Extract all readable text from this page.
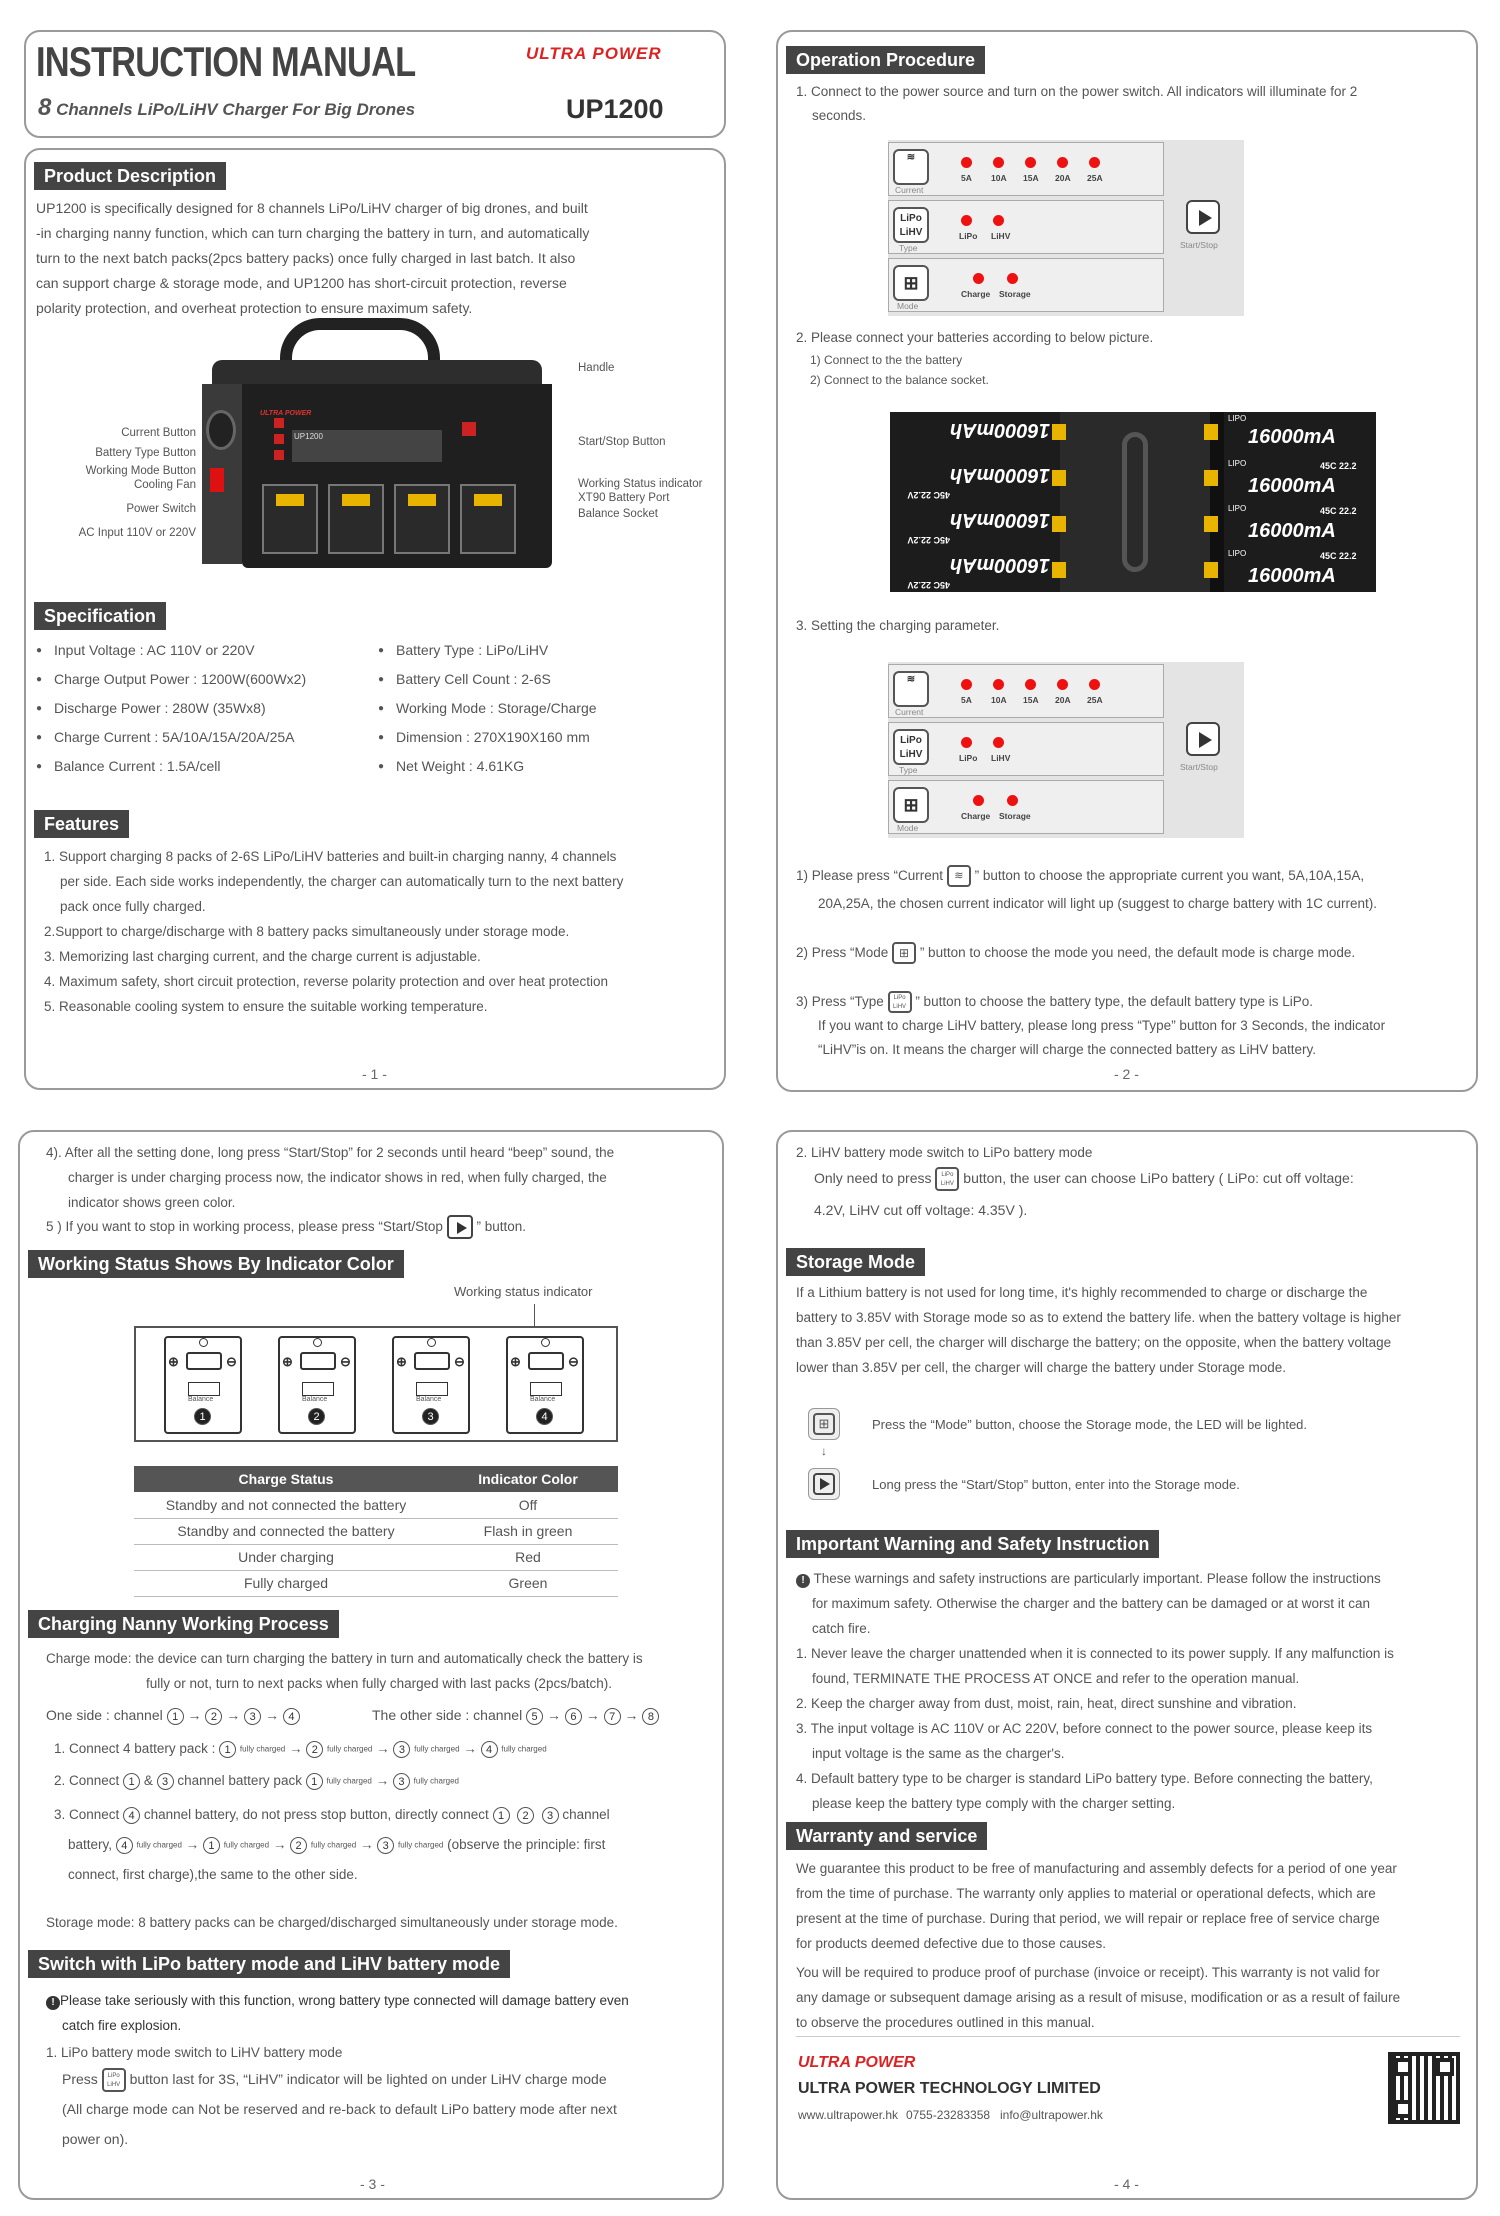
INSTRUCTION MANUAL
8 Channels LiPo/LiHV Charger For Big Drones
ULTRA POWER
UP1200
Product Description
UP1200 is specifically designed for 8 channels LiPo/LiHV charger of big drones, and built
-in charging nanny function, which can turn charging the battery in turn, and automatically
turn to the next batch packs(2pcs battery packs) once fully charged in last batch. It also
can support charge & storage mode, and UP1200 has short-circuit protection, reverse
polarity protection, and overheat protection to ensure maximum safety.
ULTRA POWER
UP1200
Current Button
Battery Type Button
Working Mode Button
Cooling Fan
Power Switch
AC Input 110V or 220V
Handle
Start/Stop Button
Working Status indicator
XT90 Battery Port
Balance Socket
Specification
● Input Voltage : AC 110V or 220V
● Charge Output Power : 1200W(600Wx2)
● Discharge Power : 280W (35Wx8)
● Charge Current : 5A/10A/15A/20A/25A
● Balance Current : 1.5A/cell
● Battery Type : LiPo/LiHV
● Battery Cell Count : 2-6S
● Working Mode : Storage/Charge
● Dimension : 270X190X160 mm
● Net Weight : 4.61KG
Features
1. Support charging 8 packs of 2-6S LiPo/LiHV batteries and built-in charging nanny, 4 channels
per side. Each side works independently, the charger can automatically turn to the next battery
pack once fully charged.
2.Support to charge/discharge with 8 battery packs simultaneously under storage mode.
3. Memorizing last charging current, and the charge current is adjustable.
4. Maximum safety, short circuit protection, reverse polarity protection and over heat protection
5. Reasonable cooling system to ensure the suitable working temperature.
- 1 -
Operation Procedure
1. Connect to the power source and turn on the power switch. All indicators will illuminate for 2
seconds.
≋
Current
5A 10A 15A 20A 25A
LiPo
LiHV
Type
LiPo LiHV
⊞
Mode
Charge Storage
Start/Stop
2. Please connect your batteries according to below picture.
1) Connect to the the battery
2) Connect to the balance socket.
16000mAh
16000mAh
45C 22.2V
16000mAh
45C 22.2V
16000mAh
45C 22.2V
LIPO
16000mA
LIPO	45C 22.2
16000mA
LIPO	45C 22.2
16000mA
LIPO	45C 22.2
16000mA
3. Setting the charging parameter.
≋
Current
5A 10A 15A 20A 25A
LiPo
LiHV
Type
LiPo LiHV
⊞
Mode
Charge Storage
Start/Stop
1) Please press “Current ≋ ” button to choose the appropriate current you want, 5A,10A,15A,
20A,25A, the chosen current indicator will light up (suggest to charge battery with 1C current).
2) Press “Mode ⊞ ” button to choose the mode you need, the default mode is charge mode.
3) Press “Type LiPo
LiHV ” button to choose the battery type, the default battery type is LiPo.
If you want to charge LiHV battery, please long press “Type” button for 3 Seconds, the indicator
“LiHV”is on. It means the charger will charge the connected battery as LiHV battery.
- 2 -
4). After all the setting done, long press “Start/Stop” for 2 seconds until heard “beep” sound, the
charger is under charging process now, the indicator shows in red, when fully charged, the
indicator shows green color.
5 ) If you want to stop in working process, please press “Start/Stop ” button.
Working Status Shows By Indicator Color
Working status indicator
⊕	⊖
Balance
1
⊕	⊖
Balance
2
⊕	⊖
Balance
3
⊕	⊖
Balance
4
Charge Status	Indicator Color
Standby and not connected the battery	Off
Standby and connected the battery	Flash in green
Under charging	Red
Fully charged	Green
Charging Nanny Working Process
Charge mode: the device can turn charging the battery in turn and automatically check the battery is
fully or not, turn to next packs when fully charged with last packs (2pcs/batch).
One side : channel 1 → 2 → 3 → 4	The other side : channel 5 → 6 → 7 → 8
1. Connect 4 battery pack : 1 fully charged → 2 fully charged → 3 fully charged → 4 fully charged
2. Connect 1 & 3 channel battery pack 1 fully charged → 3 fully charged
3. Connect 4 channel battery, do not press stop button, directly connect 1 2 3 channel
battery, 4 fully charged → 1 fully charged → 2 fully charged → 3 fully charged (observe the principle: first
connect, first charge),the same to the other side.
Storage mode: 8 battery packs can be charged/discharged simultaneously under storage mode.
Switch with LiPo battery mode and LiHV battery mode
! Please take seriously with this function, wrong battery type connected will damage battery even
catch fire explosion.
1. LiPo battery mode switch to LiHV battery mode
Press LiPo
LiHV button last for 3S, “LiHV” indicator will be lighted on under LiHV charge mode
(All charge mode can Not be reserved and re-back to default LiPo battery mode after next
power on).
- 3 -
2. LiHV battery mode switch to LiPo battery mode
Only need to press LiPo
LiHV button, the user can choose LiPo battery ( LiPo: cut off voltage:
4.2V, LiHV cut off voltage: 4.35V ).
Storage Mode
If a Lithium battery is not used for long time, it's highly recommended to charge or discharge the
battery to 3.85V with Storage mode so as to extend the battery life. when the battery voltage is higher
than 3.85V per cell, the charger will discharge the battery; on the opposite, when the battery voltage
lower than 3.85V per cell, the charger will charge the battery under Storage mode.
⊞
↓
Press the “Mode” button, choose the Storage mode, the LED will be lighted.
Long press the “Start/Stop” button, enter into the Storage mode.
Important Warning and Safety Instruction
! These warnings and safety instructions are particularly important. Please follow the instructions
for maximum safety. Otherwise the charger and the battery can be damaged or at worst it can
catch fire.
1. Never leave the charger unattended when it is connected to its power supply. If any malfunction is
found, TERMINATE THE PROCESS AT ONCE and refer to the operation manual.
2. Keep the charger away from dust, moist, rain, heat, direct sunshine and vibration.
3. The input voltage is AC 110V or AC 220V, before connect to the power source, please keep its
input voltage is the same as the charger's.
4. Default battery type to be charger is standard LiPo battery type. Before connecting the battery,
please keep the battery type comply with the charger setting.
Warranty and service
We guarantee this product to be free of manufacturing and assembly defects for a period of one year
from the time of purchase. The warranty only applies to material or operational defects, which are
present at the time of purchase. During that period, we will repair or replace free of service charge
for products deemed defective due to those causes.
You will be required to produce proof of purchase (invoice or receipt). This warranty is not valid for
any damage or subsequent damage arising as a result of misuse, modification or as a result of failure
to observe the procedures outlined in this manual.
ULTRA POWER
ULTRA POWER TECHNOLOGY LIMITED
www.ultrapower.hk 0755-23283358 info@ultrapower.hk
- 4 -
